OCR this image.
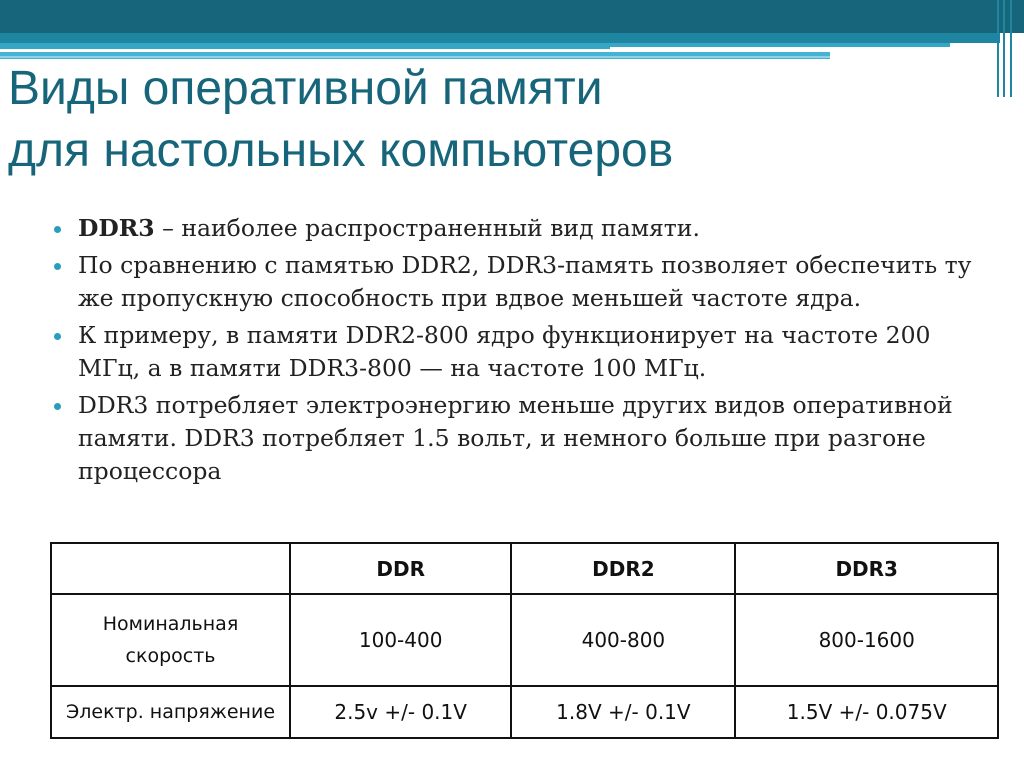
Виды оперативной памяти
для настольных компьютеров
DDR3 – наиболее распространенный вид памяти.
По сравнению с памятью DDR2, DDR3-память позволяет обеспечить ту же пропускную способность при вдвое меньшей частоте ядра.
К примеру, в памяти DDR2-800 ядро функционирует на частоте 200 МГц, а в памяти DDR3-800 — на частоте 100 МГц.
DDR3 потребляет электроэнергию меньше других видов оперативной памяти. DDR3 потребляет 1.5 вольт, и немного больше при разгоне процессора
	DDR	DDR2	DDR3
Номинальная скорость	100-400	400-800	800-1600
Электр. напряжение	2.5v +/- 0.1V	1.8V +/- 0.1V	1.5V +/- 0.075V
